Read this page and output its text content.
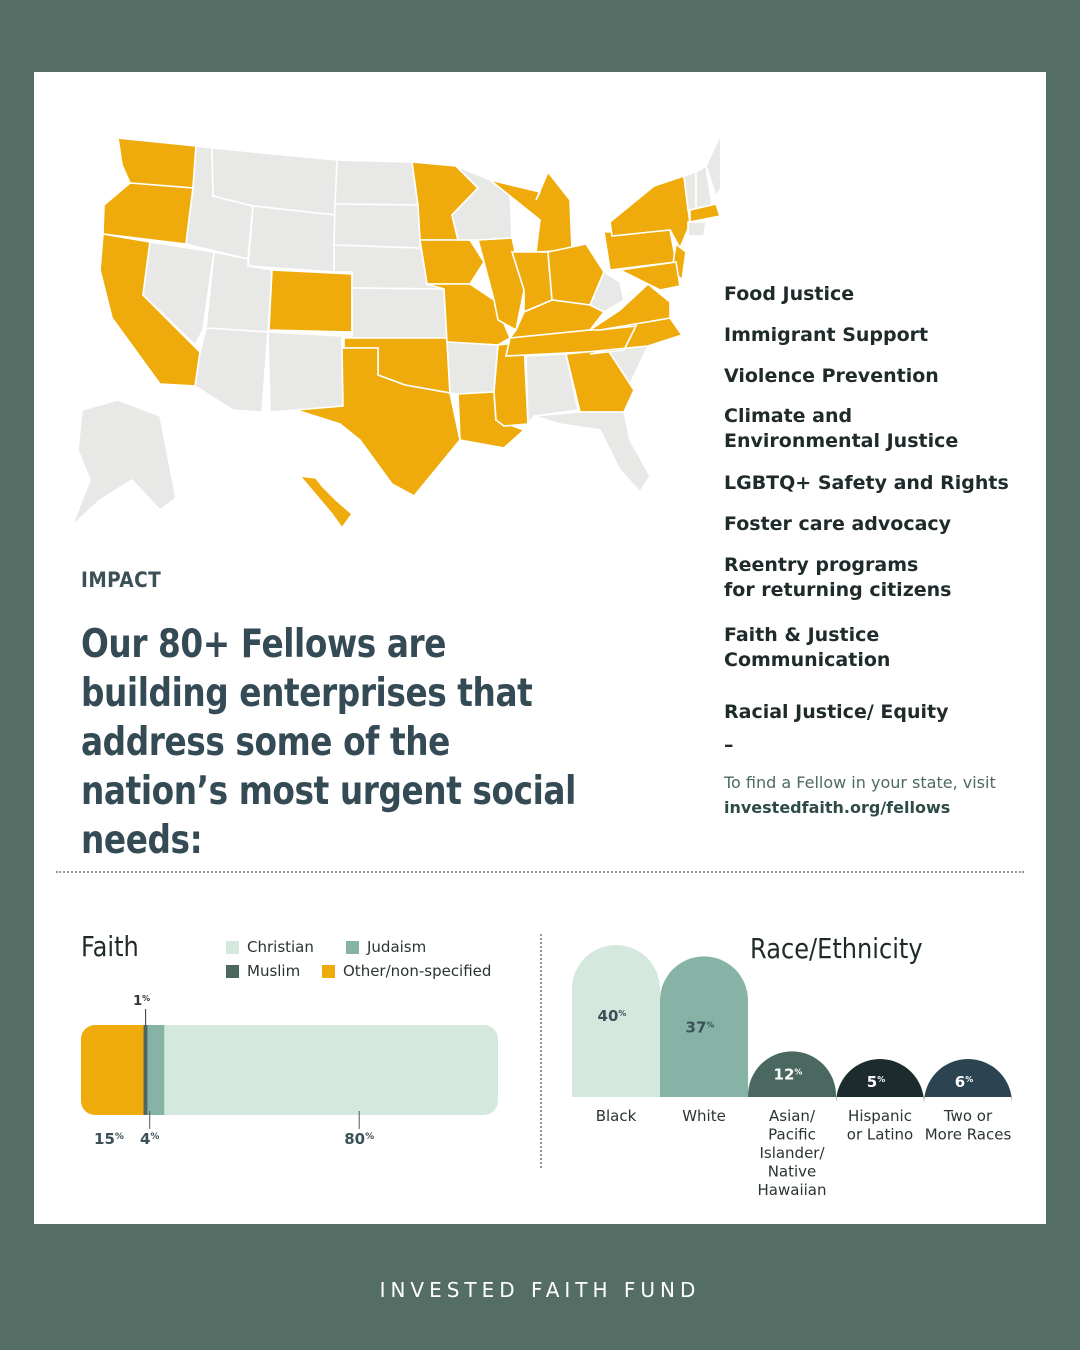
Food Justice
Immigrant Support
Violence Prevention
Climate and
Environmental Justice
LGBTQ+ Safety and Rights
Foster care advocacy
Reentry programs
for returning citizens
Faith & Justice
Communication
Racial Justice/ Equity
–
To find a Fellow in your state, visit
investedfaith.org/fellows
IMPACT
Our 80+ Fellows are building enterprises that address some of the nation’s most urgent social needs:
Faith	Christian	Judaism
Muslim	Other/non-specified
15%
1%
4%	80%
Race/Ethnicity
40%
Black
37%
White
12%
Asian/
Pacific
Islander/
Native
Hawaiian
5%
Hispanic
or Latino
6%
Two or
More Races
INVESTED FAITH FUND
